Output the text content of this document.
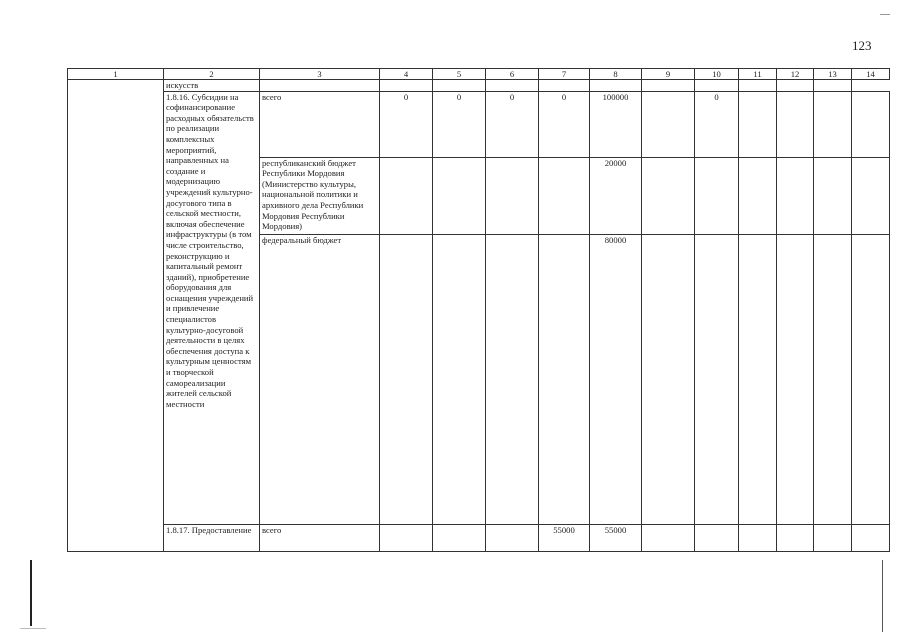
123
1	2	3	4	5	6	7	8	9	10	11	12	13	14
	искусств												
	1.8.16. Субсидии на софинансирование расходных обязательств по реализации комплексных мероприятий, направленных на создание и модернизацию учреждений культурно-досугового типа в сельской местности, включая обеспечение инфраструктуры (в том числе строительство, реконструкцию и капитальный ремонт зданий), приобретение оборудования для оснащения учреждений и привлечение специалистов культурно-досуговой деятельности в целях обеспечения доступа к культурным ценностям и творческой самореализации жителей сельской местности	всего	0	0	0	0	100000		0				
		республиканский бюджет Республики Мордовия (Министерство культуры, национальной политики и архивного дела Республики Мордовия Республики Мордовия)					20000						
		федеральный бюджет					80000						
	1.8.17. Предоставление	всего				55000	55000						
